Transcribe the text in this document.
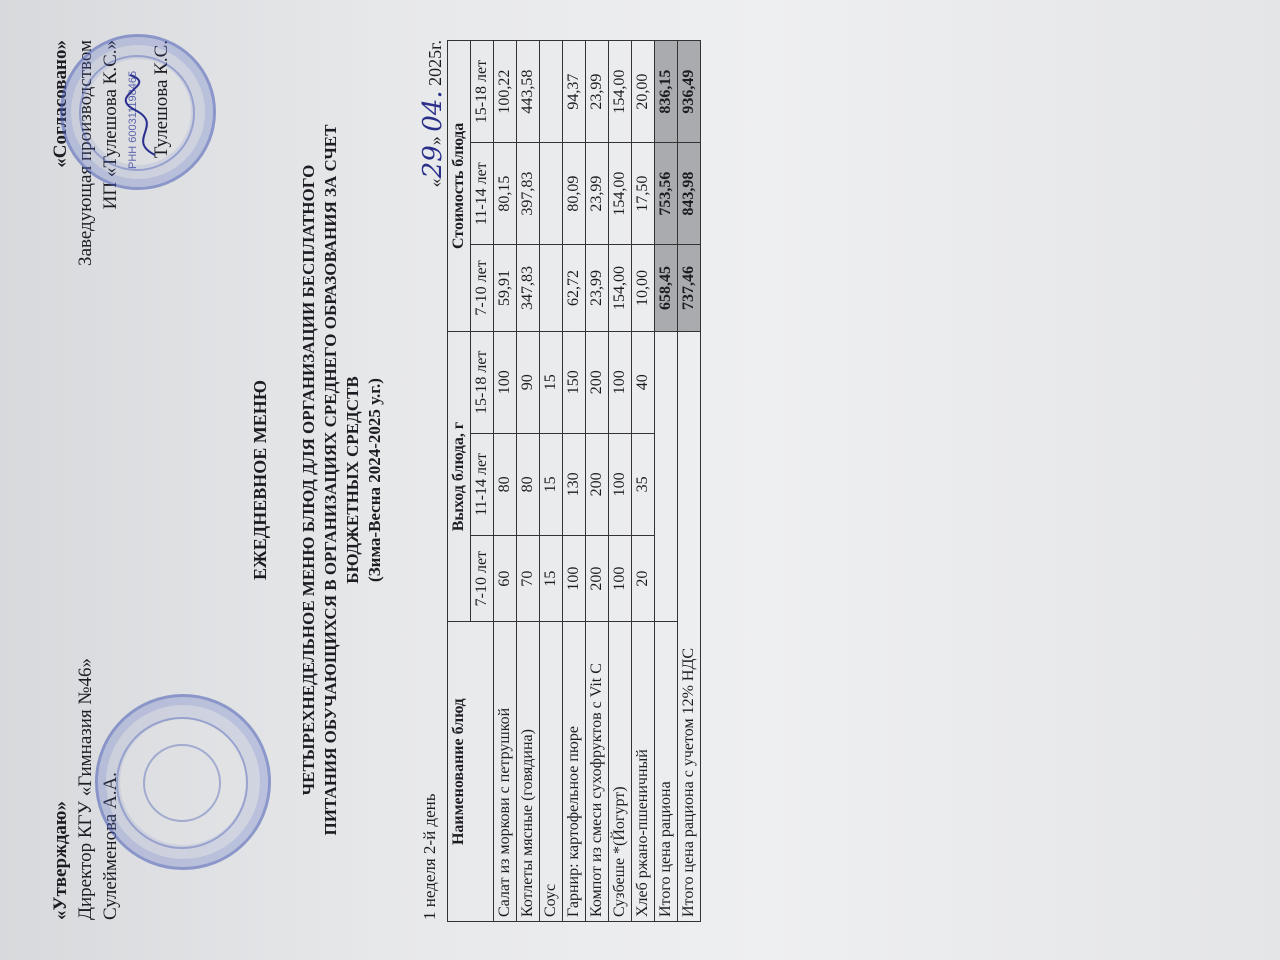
«Утверждаю» Директор КГУ «Гимназия №46» Сулейменова А.А.
«Согласовано» Заведующая производством ИП «Тулешова К.С.» Тулешова К.С.
РНН 600311198465
ЕЖЕДНЕВНОЕ МЕНЮ ЧЕТЫРЕХНЕДЕЛЬНОЕ МЕНЮ БЛЮД ДЛЯ ОРГАНИЗАЦИИ БЕСПЛАТНОГО ПИТАНИЯ ОБУЧАЮЩИХСЯ В ОРГАНИЗАЦИЯХ СРЕДНЕГО ОБРАЗОВАНИЯ ЗА СЧЕТ БЮДЖЕТНЫХ СРЕДСТВ (Зима-Весна 2024-2025 у.г.)
1 неделя 2-й день
«29» 04. 2025г.
Наименование блюд	Выход блюда, г			Стоимость блюда		
	7-10 лет	11-14 лет	15-18 лет	7-10 лет	11-14 лет	15-18 лет
Салат из моркови с петрушкой	60	80	100	59,91	80,15	100,22
Котлеты мясные (говядина)	70	80	90	347,83	397,83	443,58
Соус	15	15	15			
Гарнир: картофельное пюре	100	130	150	62,72	80,09	94,37
Компот из смеси сухофруктов с Vit C	200	200	200	23,99	23,99	23,99
Сузбеше *(Йогурт)	100	100	100	154,00	154,00	154,00
Хлеб ржано-пшеничный	20	35	40	10,00	17,50	20,00
Итого цена рациона				658,45	753,56	836,15
Итого цена рациона с учетом 12% НДС				737,46	843,98	936,49
